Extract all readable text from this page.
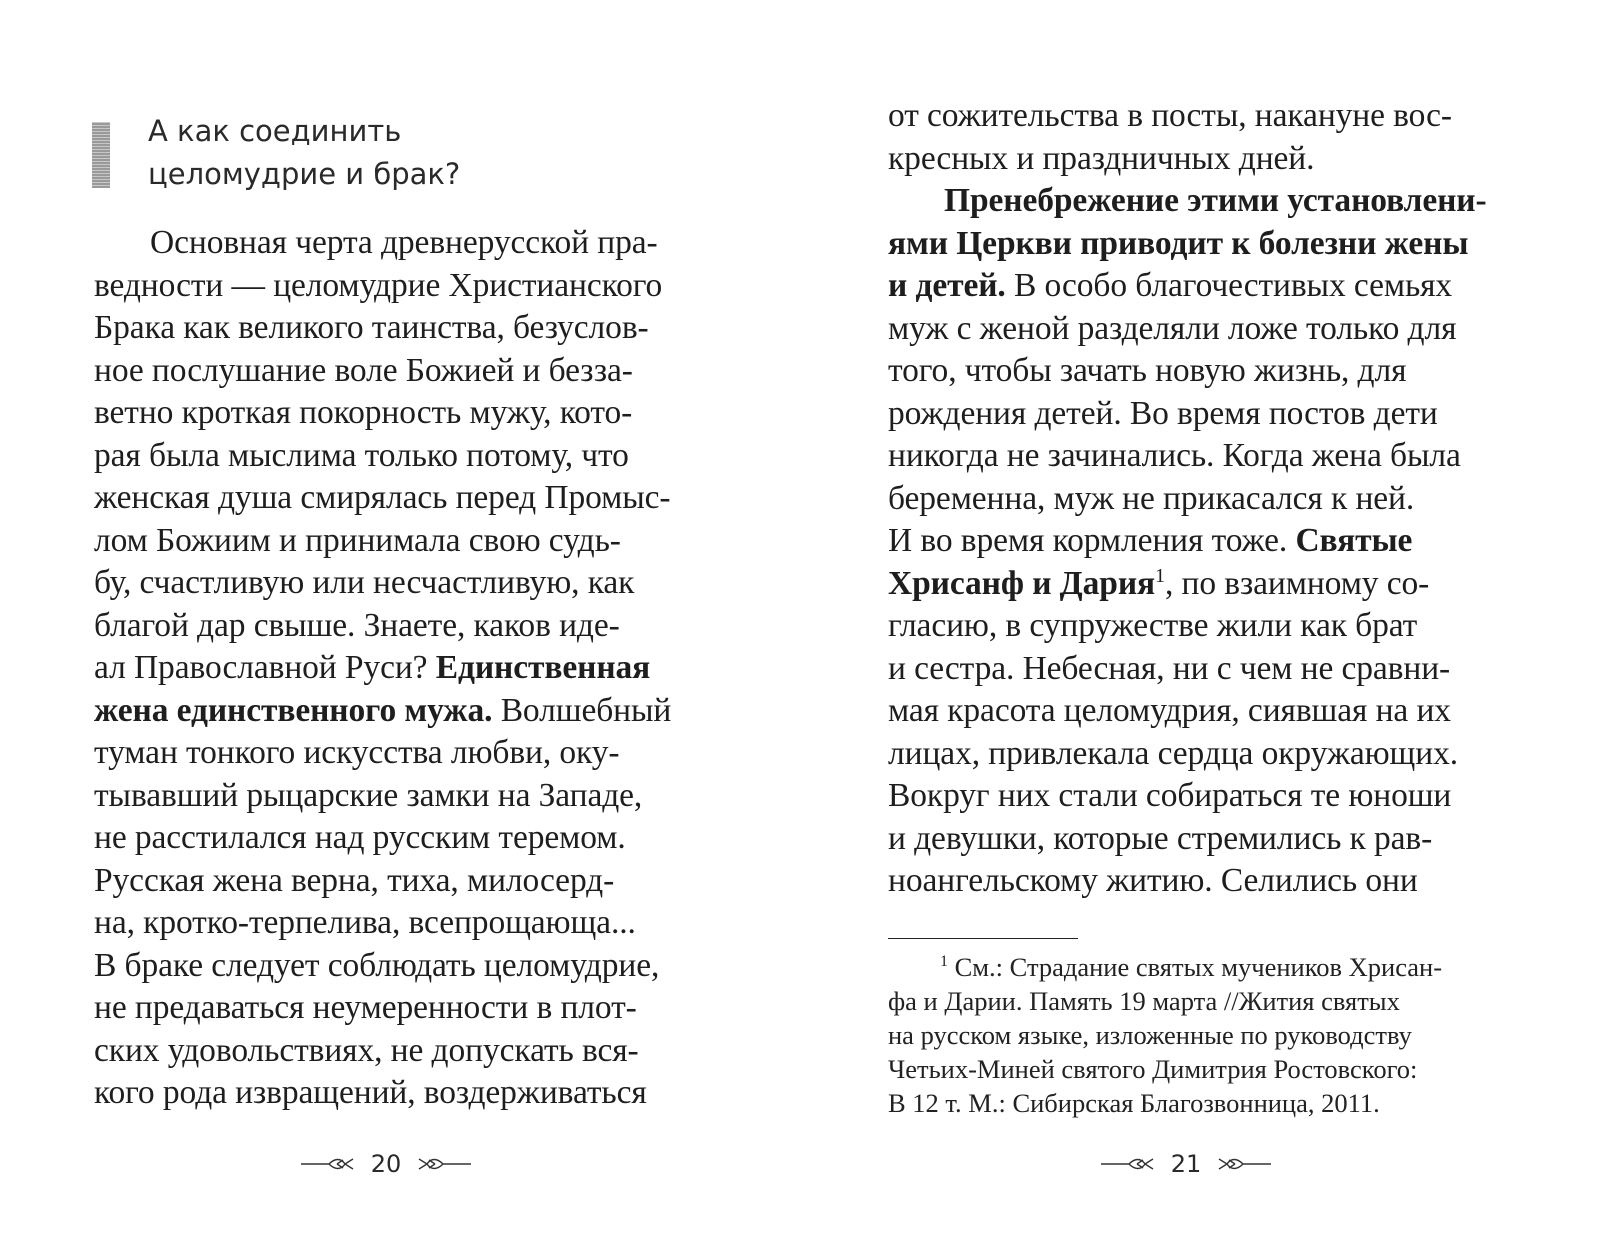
А как соединить
целомудрие и брак?
Основная черта древнерусской пра-
ведности — целомудрие Христианского
Брака как великого таинства, безуслов-
ное послушание воле Божией и безза-
ветно кроткая покорность мужу, кото-
рая была мыслима только потому, что
женская душа смирялась перед Промыс-
лом Божиим и принимала свою судь-
бу, счастливую или несчастливую, как
благой дар свыше. Знаете, каков иде-
ал Православной Руси? Единственная
жена единственного мужа. Волшебный
туман тонкого искусства любви, оку-
тывавший рыцарские замки на Западе,
не расстилался над русским теремом.
Русская жена верна, тиха, милосерд-
на, кротко-терпелива, всепрощающа...
В браке следует соблюдать целомудрие,
не предаваться неумеренности в плот-
ских удовольствиях, не допускать вся-
кого рода извращений, воздерживаться
20
от сожительства в посты, накануне вос-
кресных и праздничных дней.
Пренебрежение этими установлени-
ями Церкви приводит к болезни жены
и детей. В особо благочестивых семьях
муж с женой разделяли ложе только для
того, чтобы зачать новую жизнь, для
рождения детей. Во время постов дети
никогда не зачинались. Когда жена была
беременна, муж не прикасался к ней.
И во время кормления тоже. Святые
Хрисанф и Дария$^1$, по взаимному со-
гласию, в супружестве жили как брат
и сестра. Небесная, ни с чем не сравни-
мая красота целомудрия, сиявшая на их
лицах, привлекала сердца окружающих.
Вокруг них стали собираться те юноши
и девушки, которые стремились к рав-
ноангельскому житию. Селились они
$^1$ См.: Страдание святых мучеников Хрисан-
фа и Дарии. Память 19 марта //Жития святых
на русском языке, изложенные по руководству
Четьих-Миней святого Димитрия Ростовского:
В 12 т. М.: Сибирская Благозвонница, 2011.
21
